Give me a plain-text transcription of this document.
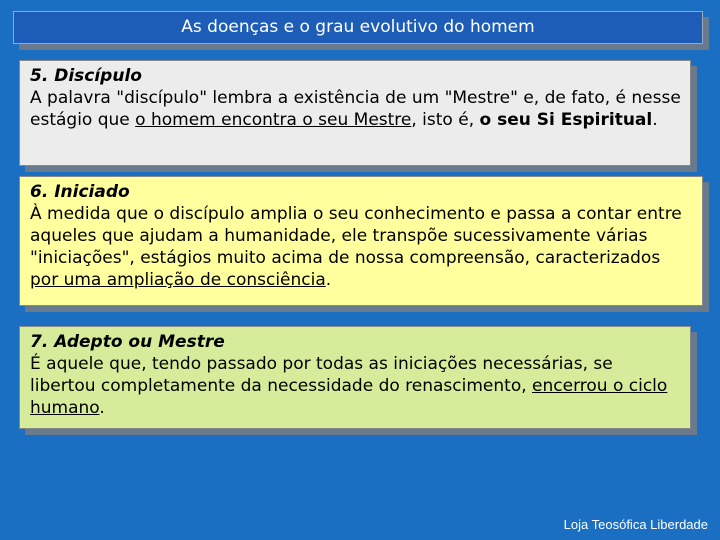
As doenças e o grau evolutivo do homem
5. Discípulo
A palavra "discípulo" lembra a existência de um "Mestre" e, de fato, é nesse estágio que o homem encontra o seu Mestre, isto é, o seu Si Espiritual.
6. Iniciado
À medida que o discípulo amplia o seu conhecimento e passa a contar entre aqueles que ajudam a humanidade, ele transpõe sucessivamente várias "iniciações", estágios muito acima de nossa compreensão, caracterizados por uma ampliação de consciência.
7. Adepto ou Mestre
É aquele que, tendo passado por todas as iniciações necessárias, se libertou completamente da necessidade do renascimento, encerrou o ciclo humano.
Loja Teosófica Liberdade
